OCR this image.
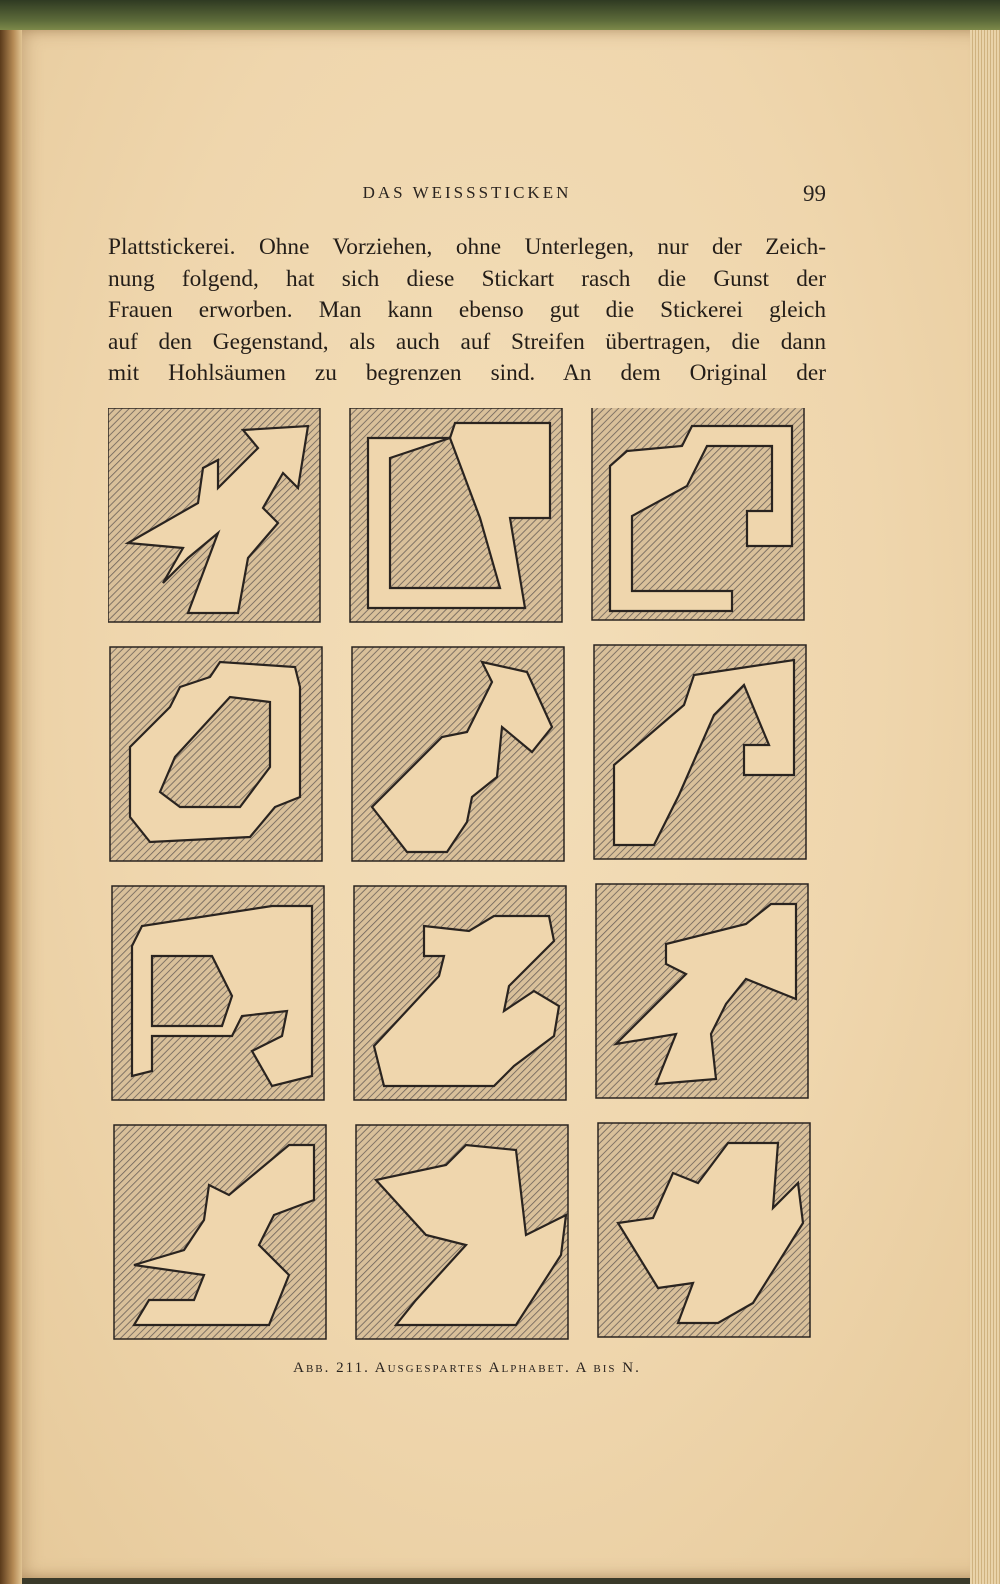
DAS WEISSSTICKEN	99
Plattstickerei. Ohne Vorziehen, ohne Unterlegen, nur der Zeich-
nung folgend, hat sich diese Stickart rasch die Gunst der
Frauen erworben. Man kann ebenso gut die Stickerei gleich
auf den Gegenstand, als auch auf Streifen übertragen, die dann
mit Hohlsäumen zu begrenzen sind. An dem Original der
Abb. 211. Ausgespartes Alphabet. A bis N.
